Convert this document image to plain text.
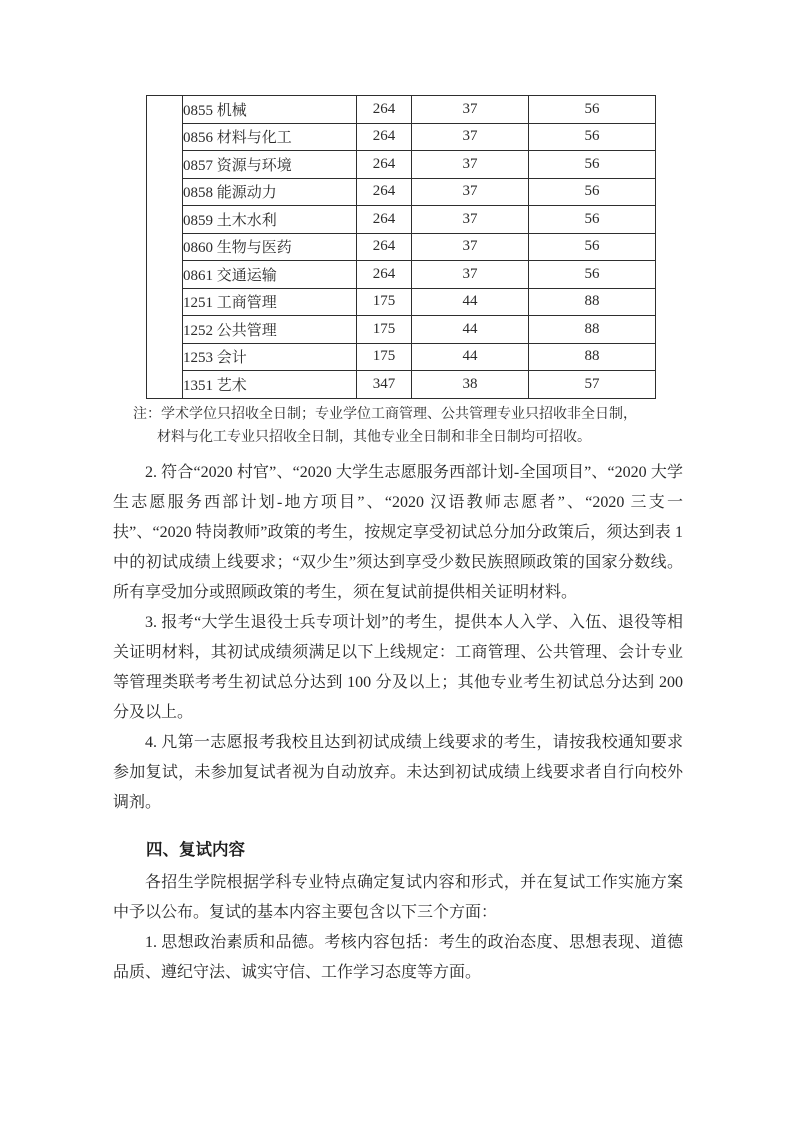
	0855 机械	264	37	56
	0856 材料与化工	264	37	56
	0857 资源与环境	264	37	56
	0858 能源动力	264	37	56
	0859 土木水利	264	37	56
	0860 生物与医药	264	37	56
	0861 交通运输	264	37	56
	1251 工商管理	175	44	88
	1252 公共管理	175	44	88
	1253 会计	175	44	88
	1351 艺术	347	38	57
注：学术学位只招收全日制；专业学位工商管理、公共管理专业只招收非全日制，
材料与化工专业只招收全日制，其他专业全日制和非全日制均可招收。

2. 符合“2020 村官”、“2020 大学生志愿服务西部计划-全国项目”、“2020 大学生志愿服务西部计划-地方项目”、“2020 汉语教师志愿者”、“2020 三支一扶”、“2020 特岗教师”政策的考生，按规定享受初试总分加分政策后，须达到表 1 中的初试成绩上线要求；“双少生”须达到享受少数民族照顾政策的国家分数线。所有享受加分或照顾政策的考生，须在复试前提供相关证明材料。

3. 报考“大学生退役士兵专项计划”的考生，提供本人入学、入伍、退役等相关证明材料，其初试成绩须满足以下上线规定：工商管理、公共管理、会计专业等管理类联考考生初试总分达到 100 分及以上；其他专业考生初试总分达到 200 分及以上。

4. 凡第一志愿报考我校且达到初试成绩上线要求的考生，请按我校通知要求参加复试，未参加复试者视为自动放弃。未达到初试成绩上线要求者自行向校外调剂。

四、复试内容

各招生学院根据学科专业特点确定复试内容和形式，并在复试工作实施方案中予以公布。复试的基本内容主要包含以下三个方面：

1. 思想政治素质和品德。考核内容包括：考生的政治态度、思想表现、道德品质、遵纪守法、诚实守信、工作学习态度等方面。
